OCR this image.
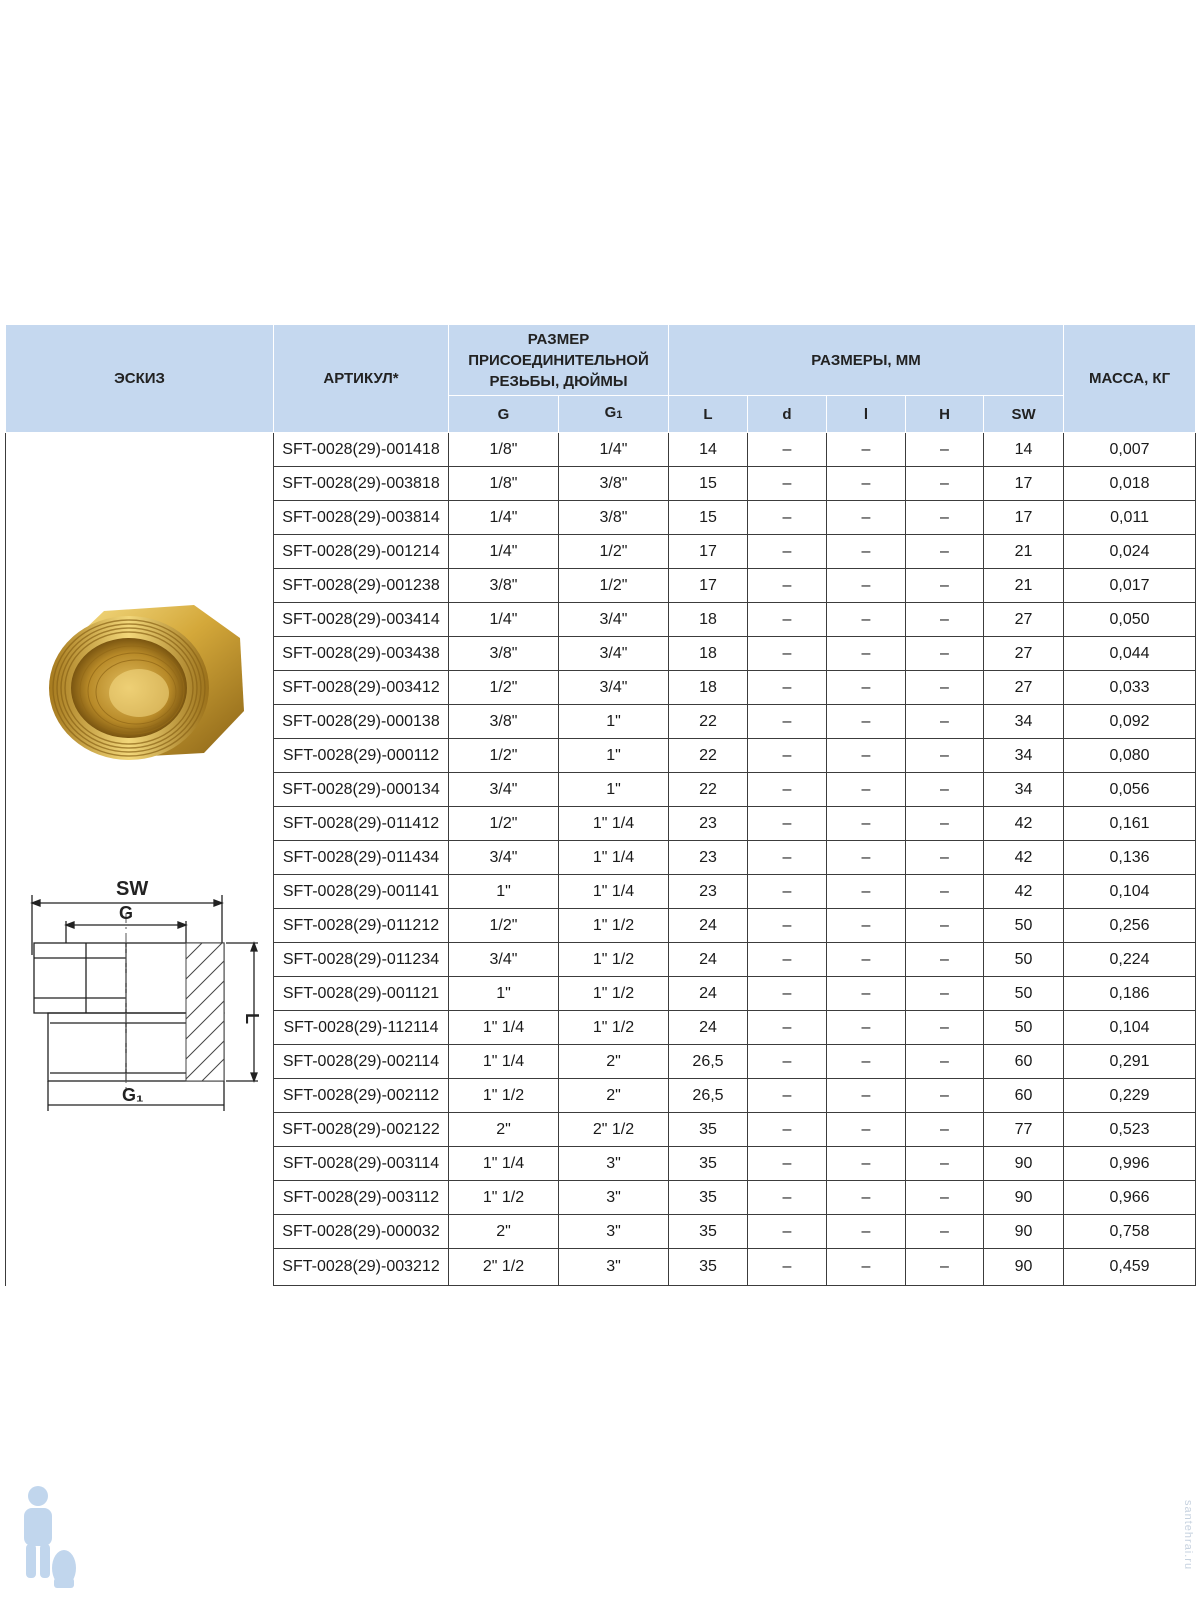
ЭСКИЗ	АРТИКУЛ*	РАЗМЕР ПРИСОЕДИНИТЕЛЬНОЙ РЕЗЬБЫ, ДЮЙМЫ		РАЗМЕРЫ, ММ					МАССА, КГ
		G	$G_1$	L	d	l	H	SW	

SW
G
G₁
L	SFT-0028(29)-001418	1/8"	1/4"	14	–	–	–	14	0,007
	SFT-0028(29)-003818	1/8"	3/8"	15	–	–	–	17	0,018
	SFT-0028(29)-003814	1/4"	3/8"	15	–	–	–	17	0,011
	SFT-0028(29)-001214	1/4"	1/2"	17	–	–	–	21	0,024
	SFT-0028(29)-001238	3/8"	1/2"	17	–	–	–	21	0,017
	SFT-0028(29)-003414	1/4"	3/4"	18	–	–	–	27	0,050
	SFT-0028(29)-003438	3/8"	3/4"	18	–	–	–	27	0,044
	SFT-0028(29)-003412	1/2"	3/4"	18	–	–	–	27	0,033
	SFT-0028(29)-000138	3/8"	1"	22	–	–	–	34	0,092
	SFT-0028(29)-000112	1/2"	1"	22	–	–	–	34	0,080
	SFT-0028(29)-000134	3/4"	1"	22	–	–	–	34	0,056
	SFT-0028(29)-011412	1/2"	1" 1/4	23	–	–	–	42	0,161
	SFT-0028(29)-011434	3/4"	1" 1/4	23	–	–	–	42	0,136
	SFT-0028(29)-001141	1"	1" 1/4	23	–	–	–	42	0,104
	SFT-0028(29)-011212	1/2"	1" 1/2	24	–	–	–	50	0,256
	SFT-0028(29)-011234	3/4"	1" 1/2	24	–	–	–	50	0,224
	SFT-0028(29)-001121	1"	1" 1/2	24	–	–	–	50	0,186
	SFT-0028(29)-112114	1" 1/4	1" 1/2	24	–	–	–	50	0,104
	SFT-0028(29)-002114	1" 1/4	2"	26,5	–	–	–	60	0,291
	SFT-0028(29)-002112	1" 1/2	2"	26,5	–	–	–	60	0,229
	SFT-0028(29)-002122	2"	2" 1/2	35	–	–	–	77	0,523
	SFT-0028(29)-003114	1" 1/4	3"	35	–	–	–	90	0,996
	SFT-0028(29)-003112	1" 1/2	3"	35	–	–	–	90	0,966
	SFT-0028(29)-000032	2"	3"	35	–	–	–	90	0,758
	SFT-0028(29)-003212	2" 1/2	3"	35	–	–	–	90	0,459
santehrai.ru
